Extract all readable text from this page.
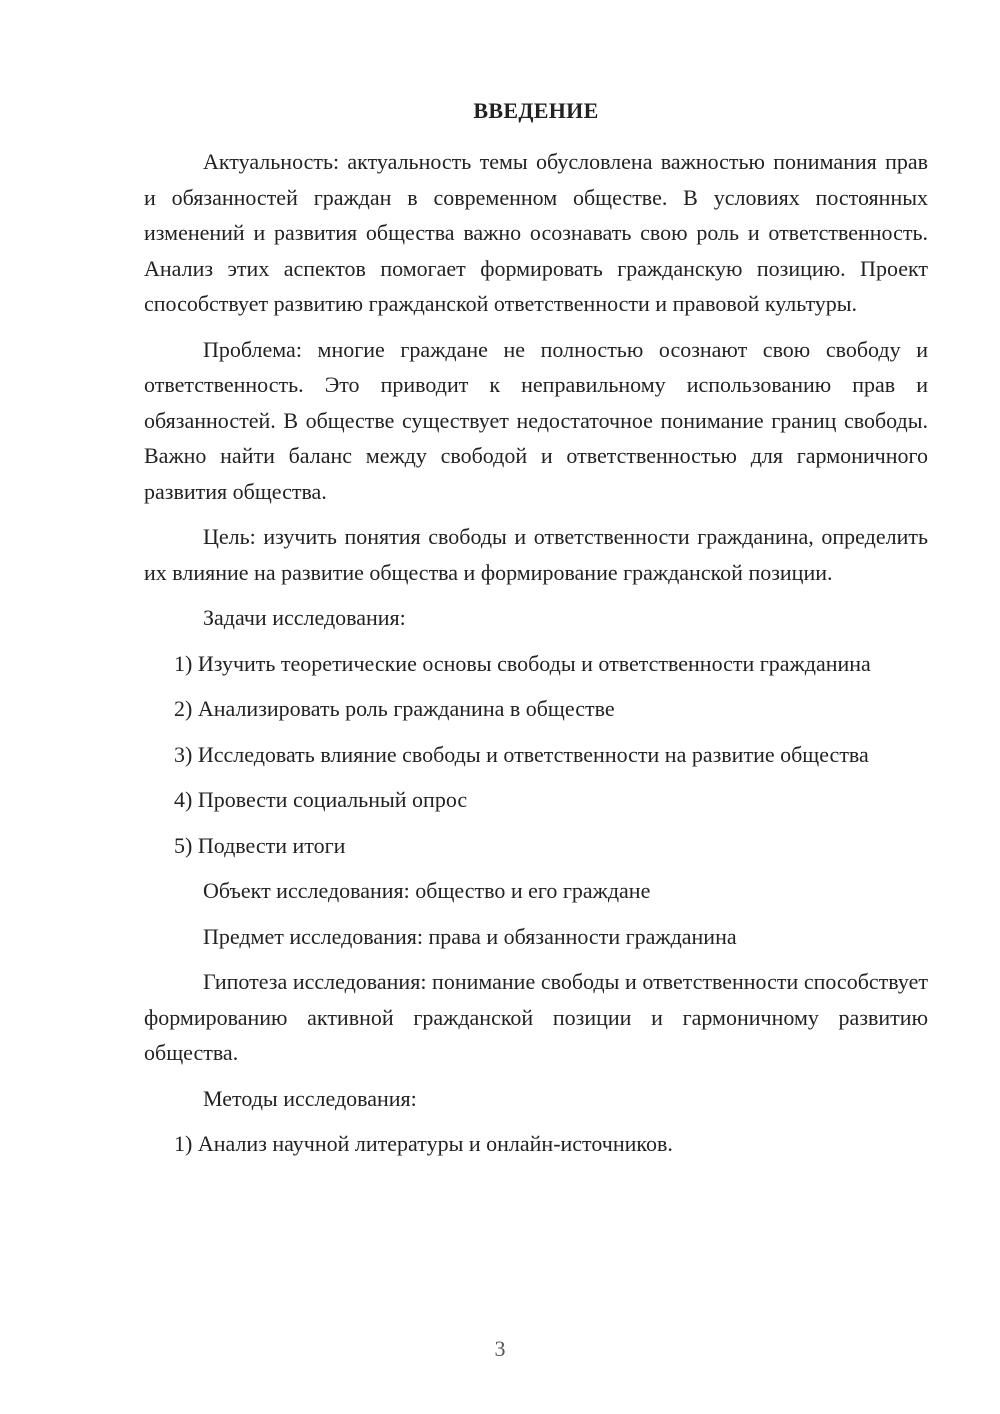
ВВЕДЕНИЕ

Актуальность: актуальность темы обусловлена важностью понимания прав и обязанностей граждан в современном обществе. В условиях постоянных изменений и развития общества важно осознавать свою роль и ответственность. Анализ этих аспектов помогает формировать гражданскую позицию. Проект способствует развитию гражданской ответственности и правовой культуры.

Проблема: многие граждане не полностью осознают свою свободу и ответственность. Это приводит к неправильному использованию прав и обязанностей. В обществе существует недостаточное понимание границ свободы. Важно найти баланс между свободой и ответственностью для гармоничного развития общества.

Цель: изучить понятия свободы и ответственности гражданина, определить их влияние на развитие общества и формирование гражданской позиции.

Задачи исследования:

1) Изучить теоретические основы свободы и ответственности гражданина

2) Анализировать роль гражданина в обществе

3) Исследовать влияние свободы и ответственности на развитие общества

4) Провести социальный опрос

5) Подвести итоги

Объект исследования: общество и его граждане

Предмет исследования: права и обязанности гражданина

Гипотеза исследования: понимание свободы и ответственности способствует формированию активной гражданской позиции и гармоничному развитию общества.

Методы исследования:

1) Анализ научной литературы и онлайн-источников.

3
